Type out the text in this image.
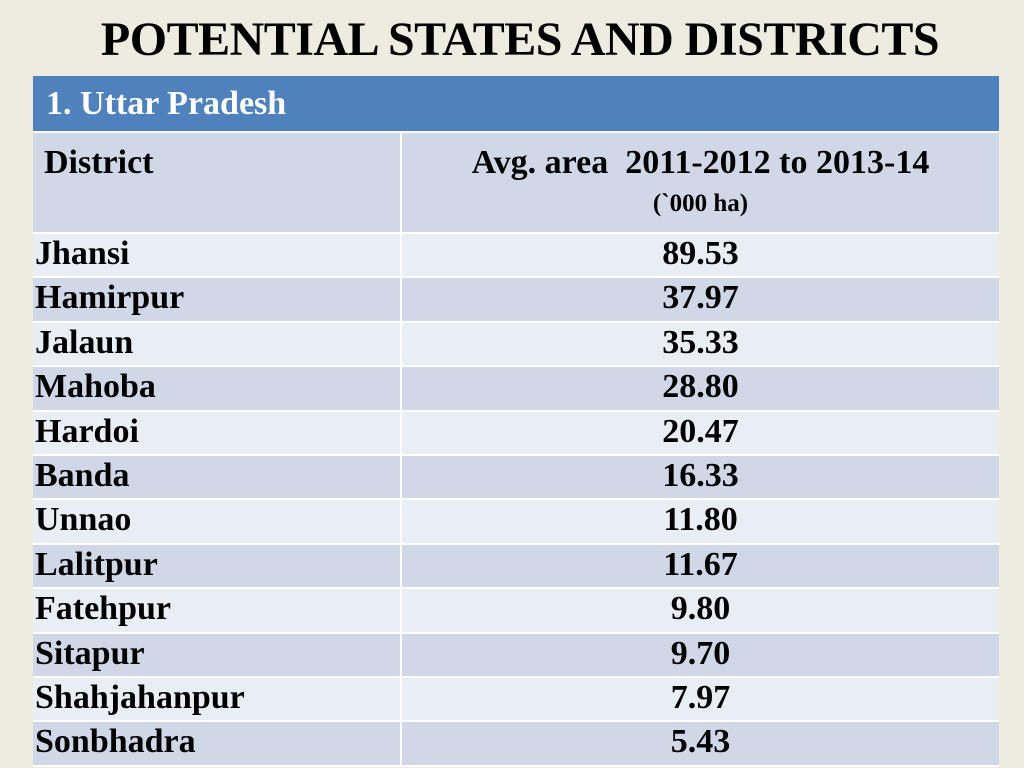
POTENTIAL STATES AND DISTRICTS
1. Uttar Pradesh
District	Avg. area  2011-2012 to 2013-14
(`000 ha)
Jhansi	89.53
Hamirpur	37.97
Jalaun	35.33
Mahoba	28.80
Hardoi	20.47
Banda	16.33
Unnao	11.80
Lalitpur	11.67
Fatehpur	9.80
Sitapur	9.70
Shahjahanpur	7.97
Sonbhadra	5.43
